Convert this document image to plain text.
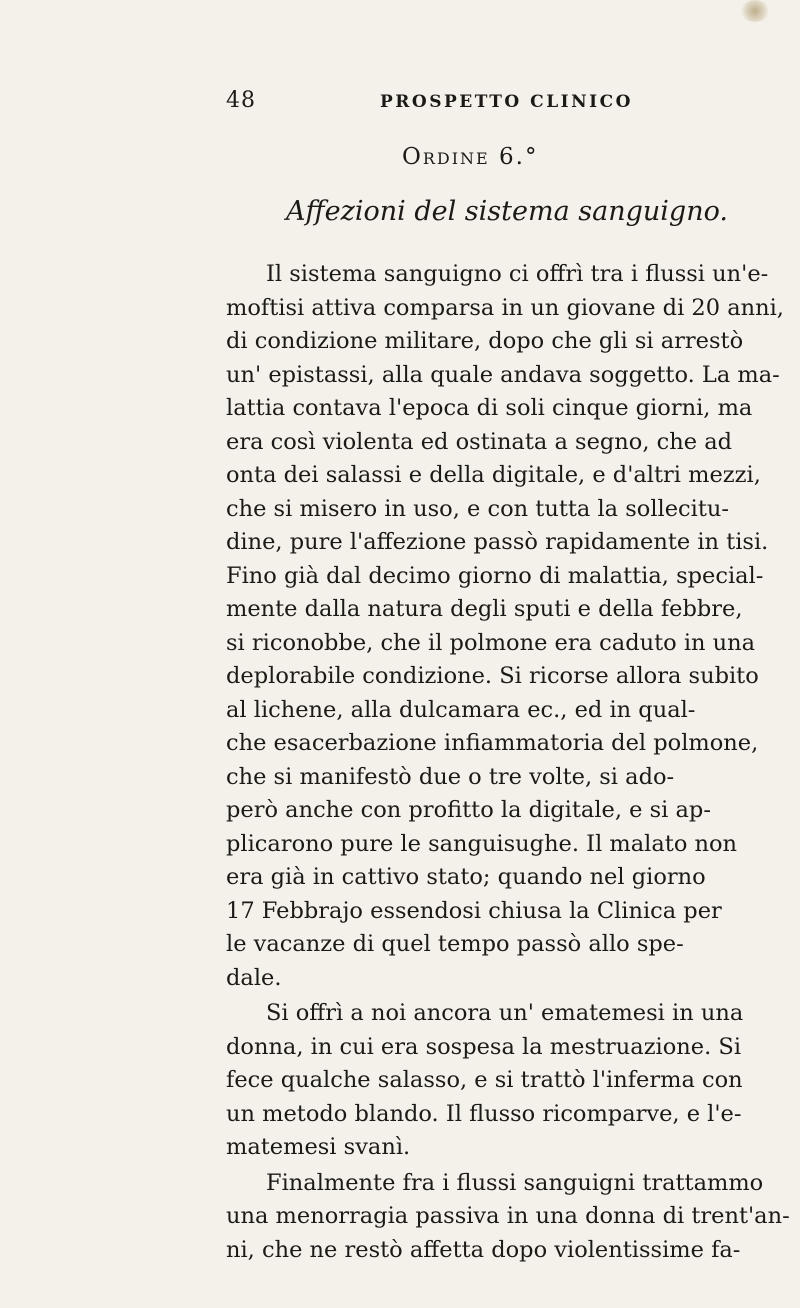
48	PROSPETTO CLINICO
Ordine 6.°
Affezioni del sistema sanguigno.
Il sistema sanguigno ci offrì tra i flussi un'e-
moftisi attiva comparsa in un giovane di 20 anni,
di condizione militare, dopo che gli si arrestò
un' epistassi, alla quale andava soggetto. La ma-
lattia contava l'epoca di soli cinque giorni, ma
era così violenta ed ostinata a segno, che ad
onta dei salassi e della digitale, e d'altri mezzi,
che si misero in uso, e con tutta la sollecitu-
dine, pure l'affezione passò rapidamente in tisi.
Fino già dal decimo giorno di malattia, special-
mente dalla natura degli sputi e della febbre,
si riconobbe, che il polmone era caduto in una
deplorabile condizione. Si ricorse allora subito
al lichene, alla dulcamara ec., ed in qual-
che esacerbazione infiammatoria del polmone,
che si manifestò due o tre volte, si ado-
però anche con profitto la digitale, e si ap-
plicarono pure le sanguisughe. Il malato non
era già in cattivo stato; quando nel giorno
17 Febbrajo essendosi chiusa la Clinica per
le vacanze di quel tempo passò allo spe-
dale.
Si offrì a noi ancora un' ematemesi in una
donna, in cui era sospesa la mestruazione. Si
fece qualche salasso, e si trattò l'inferma con
un metodo blando. Il flusso ricomparve, e l'e-
matemesi svanì.
Finalmente fra i flussi sanguigni trattammo
una menorragia passiva in una donna di trent'an-
ni, che ne restò affetta dopo violentissime fa-
